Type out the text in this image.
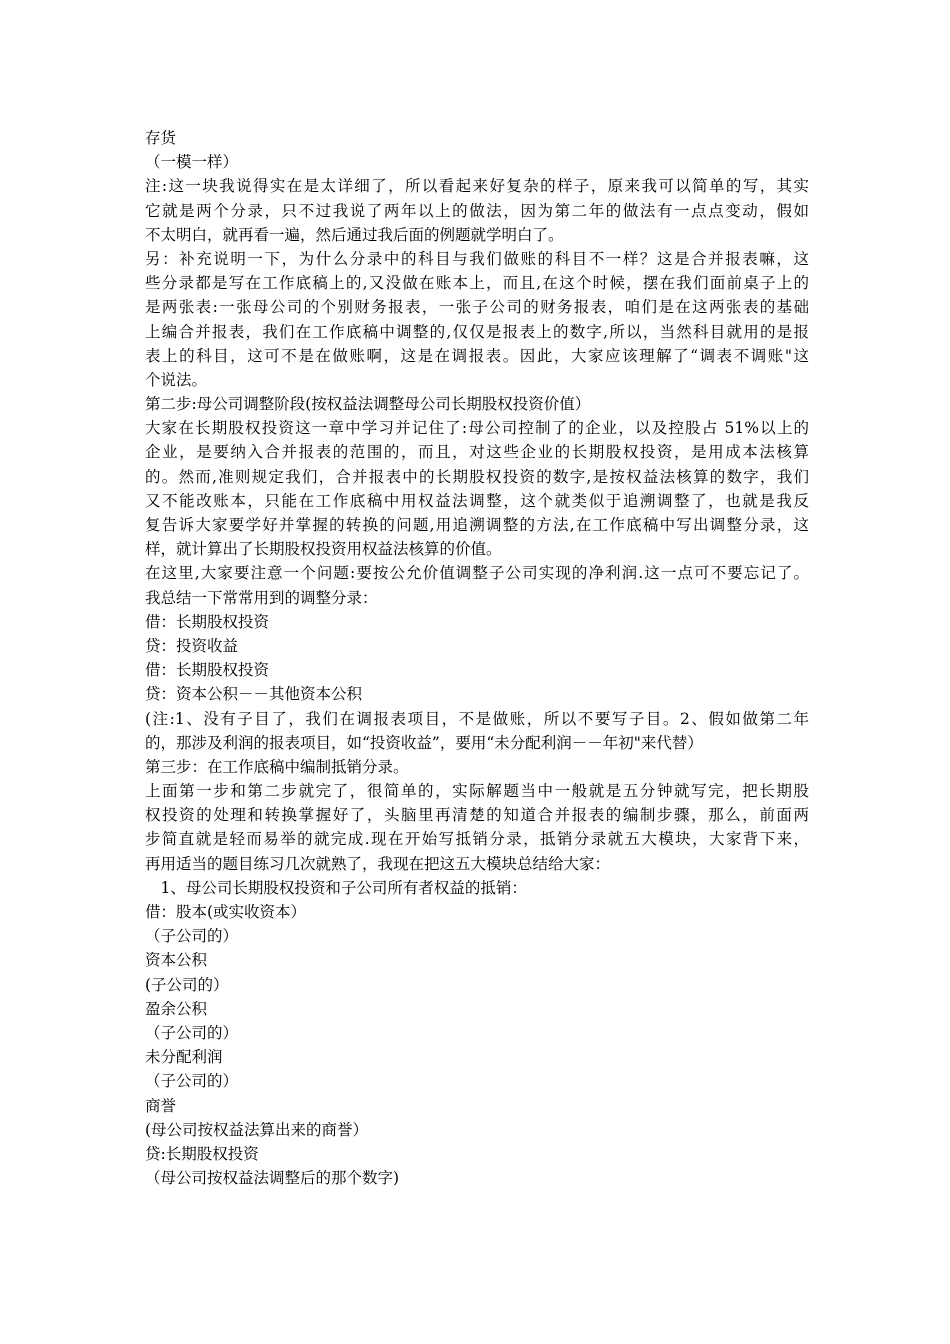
存货
（一模一样）
注:这一块我说得实在是太详细了，所以看起来好复杂的样子，原来我可以简单的写，其实
它就是两个分录，只不过我说了两年以上的做法，因为第二年的做法有一点点变动，假如
不太明白，就再看一遍，然后通过我后面的例题就学明白了。
另：补充说明一下，为什么分录中的科目与我们做账的科目不一样？这是合并报表嘛，这
些分录都是写在工作底稿上的,又没做在账本上，而且,在这个时候，摆在我们面前桌子上的
是两张表:一张母公司的个别财务报表，一张子公司的财务报表，咱们是在这两张表的基础
上编合并报表，我们在工作底稿中调整的,仅仅是报表上的数字,所以，当然科目就用的是报
表上的科目，这可不是在做账啊，这是在调报表。因此，大家应该理解了“调表不调账"这
个说法。
第二步:母公司调整阶段(按权益法调整母公司长期股权投资价值）
大家在长期股权投资这一章中学习并记住了:母公司控制了的企业，以及控股占 51%以上的
企业，是要纳入合并报表的范围的，而且，对这些企业的长期股权投资，是用成本法核算
的。然而,准则规定我们，合并报表中的长期股权投资的数字,是按权益法核算的数字，我们
又不能改账本，只能在工作底稿中用权益法调整，这个就类似于追溯调整了，也就是我反
复告诉大家要学好并掌握的转换的问题,用追溯调整的方法,在工作底稿中写出调整分录，这
样，就计算出了长期股权投资用权益法核算的价值。
在这里,大家要注意一个问题:要按公允价值调整子公司实现的净利润.这一点可不要忘记了。
我总结一下常常用到的调整分录：
借：长期股权投资
贷：投资收益
借：长期股权投资
贷：资本公积－－其他资本公积
(注:1、没有子目了，我们在调报表项目，不是做账，所以不要写子目。2、假如做第二年
的，那涉及利润的报表项目，如“投资收益”，要用“未分配利润－－年初"来代替）
第三步：在工作底稿中编制抵销分录。
上面第一步和第二步就完了，很简单的，实际解题当中一般就是五分钟就写完，把长期股
权投资的处理和转换掌握好了，头脑里再清楚的知道合并报表的编制步骤，那么，前面两
步简直就是轻而易举的就完成.现在开始写抵销分录，抵销分录就五大模块，大家背下来，
再用适当的题目练习几次就熟了，我现在把这五大模块总结给大家：
　1、母公司长期股权投资和子公司所有者权益的抵销：
借：股本(或实收资本）
（子公司的）
资本公积
(子公司的）
盈余公积
（子公司的）
未分配利润
（子公司的）
商誉
(母公司按权益法算出来的商誉）
贷:长期股权投资
（母公司按权益法调整后的那个数字)
